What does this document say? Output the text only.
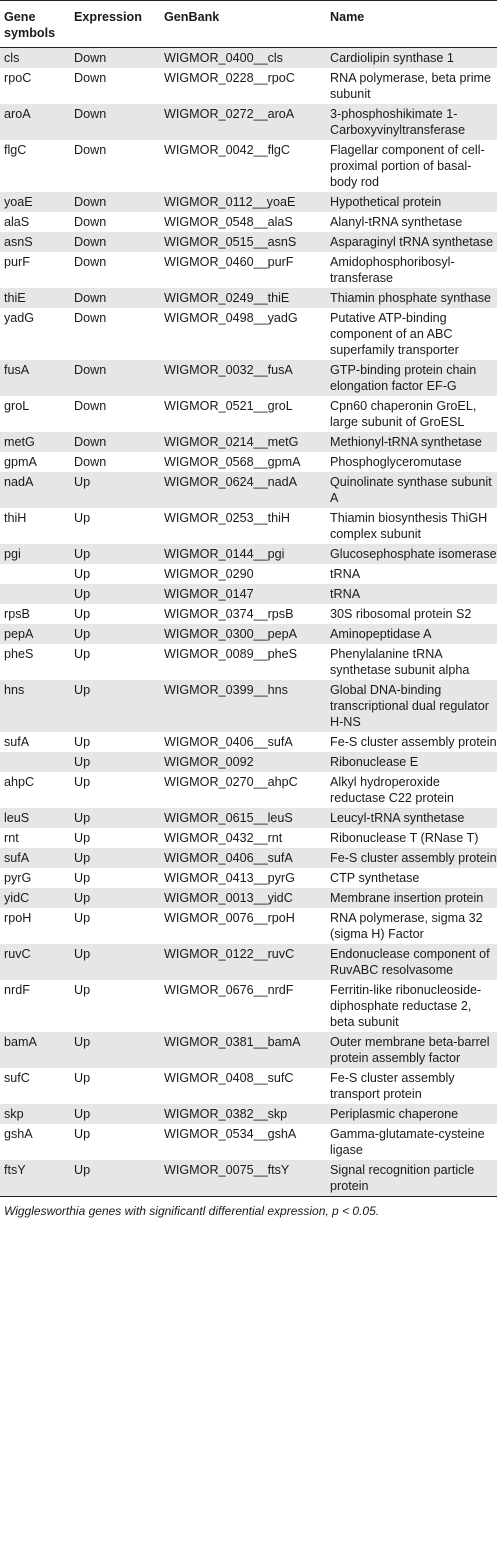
Gene symbols	Expression	GenBank	Name
cls	Down	WIGMOR_0400__cls	Cardiolipin synthase 1
rpoC	Down	WIGMOR_0228__rpoC	RNA polymerase, beta prime subunit
aroA	Down	WIGMOR_0272__aroA	3-phosphoshikimate 1-Carboxyvinyltransferase
flgC	Down	WIGMOR_0042__flgC	Flagellar component of cell-proximal portion of basal-body rod
yoaE	Down	WIGMOR_0112__yoaE	Hypothetical protein
alaS	Down	WIGMOR_0548__alaS	Alanyl-tRNA synthetase
asnS	Down	WIGMOR_0515__asnS	Asparaginyl tRNA synthetase
purF	Down	WIGMOR_0460__purF	Amidophosphoribosyl-transferase
thiE	Down	WIGMOR_0249__thiE	Thiamin phosphate synthase
yadG	Down	WIGMOR_0498__yadG	Putative ATP-binding component of an ABC superfamily transporter
fusA	Down	WIGMOR_0032__fusA	GTP-binding protein chain elongation factor EF-G
groL	Down	WIGMOR_0521__groL	Cpn60 chaperonin GroEL, large subunit of GroESL
metG	Down	WIGMOR_0214__metG	Methionyl-tRNA synthetase
gpmA	Down	WIGMOR_0568__gpmA	Phosphoglyceromutase
nadA	Up	WIGMOR_0624__nadA	Quinolinate synthase subunit A
thiH	Up	WIGMOR_0253__thiH	Thiamin biosynthesis ThiGH complex subunit
pgi	Up	WIGMOR_0144__pgi	Glucosephosphate isomerase
	Up	WIGMOR_0290	tRNA
	Up	WIGMOR_0147	tRNA
rpsB	Up	WIGMOR_0374__rpsB	30S ribosomal protein S2
pepA	Up	WIGMOR_0300__pepA	Aminopeptidase A
pheS	Up	WIGMOR_0089__pheS	Phenylalanine tRNA synthetase subunit alpha
hns	Up	WIGMOR_0399__hns	Global DNA-binding transcriptional dual regulator H-NS
sufA	Up	WIGMOR_0406__sufA	Fe-S cluster assembly protein
	Up	WIGMOR_0092	Ribonuclease E
ahpC	Up	WIGMOR_0270__ahpC	Alkyl hydroperoxide reductase C22 protein
leuS	Up	WIGMOR_0615__leuS	Leucyl-tRNA synthetase
rnt	Up	WIGMOR_0432__rnt	Ribonuclease T (RNase T)
sufA	Up	WIGMOR_0406__sufA	Fe-S cluster assembly protein
pyrG	Up	WIGMOR_0413__pyrG	CTP synthetase
yidC	Up	WIGMOR_0013__yidC	Membrane insertion protein
rpoH	Up	WIGMOR_0076__rpoH	RNA polymerase, sigma 32 (sigma H) Factor
ruvC	Up	WIGMOR_0122__ruvC	Endonuclease component of RuvABC resolvasome
nrdF	Up	WIGMOR_0676__nrdF	Ferritin-like ribonucleoside-diphosphate reductase 2, beta subunit
bamA	Up	WIGMOR_0381__bamA	Outer membrane beta-barrel protein assembly factor
sufC	Up	WIGMOR_0408__sufC	Fe-S cluster assembly transport protein
skp	Up	WIGMOR_0382__skp	Periplasmic chaperone
gshA	Up	WIGMOR_0534__gshA	Gamma-glutamate-cysteine ligase
ftsY	Up	WIGMOR_0075__ftsY	Signal recognition particle protein
Wigglesworthia genes with significantl differential expression, p < 0.05.
